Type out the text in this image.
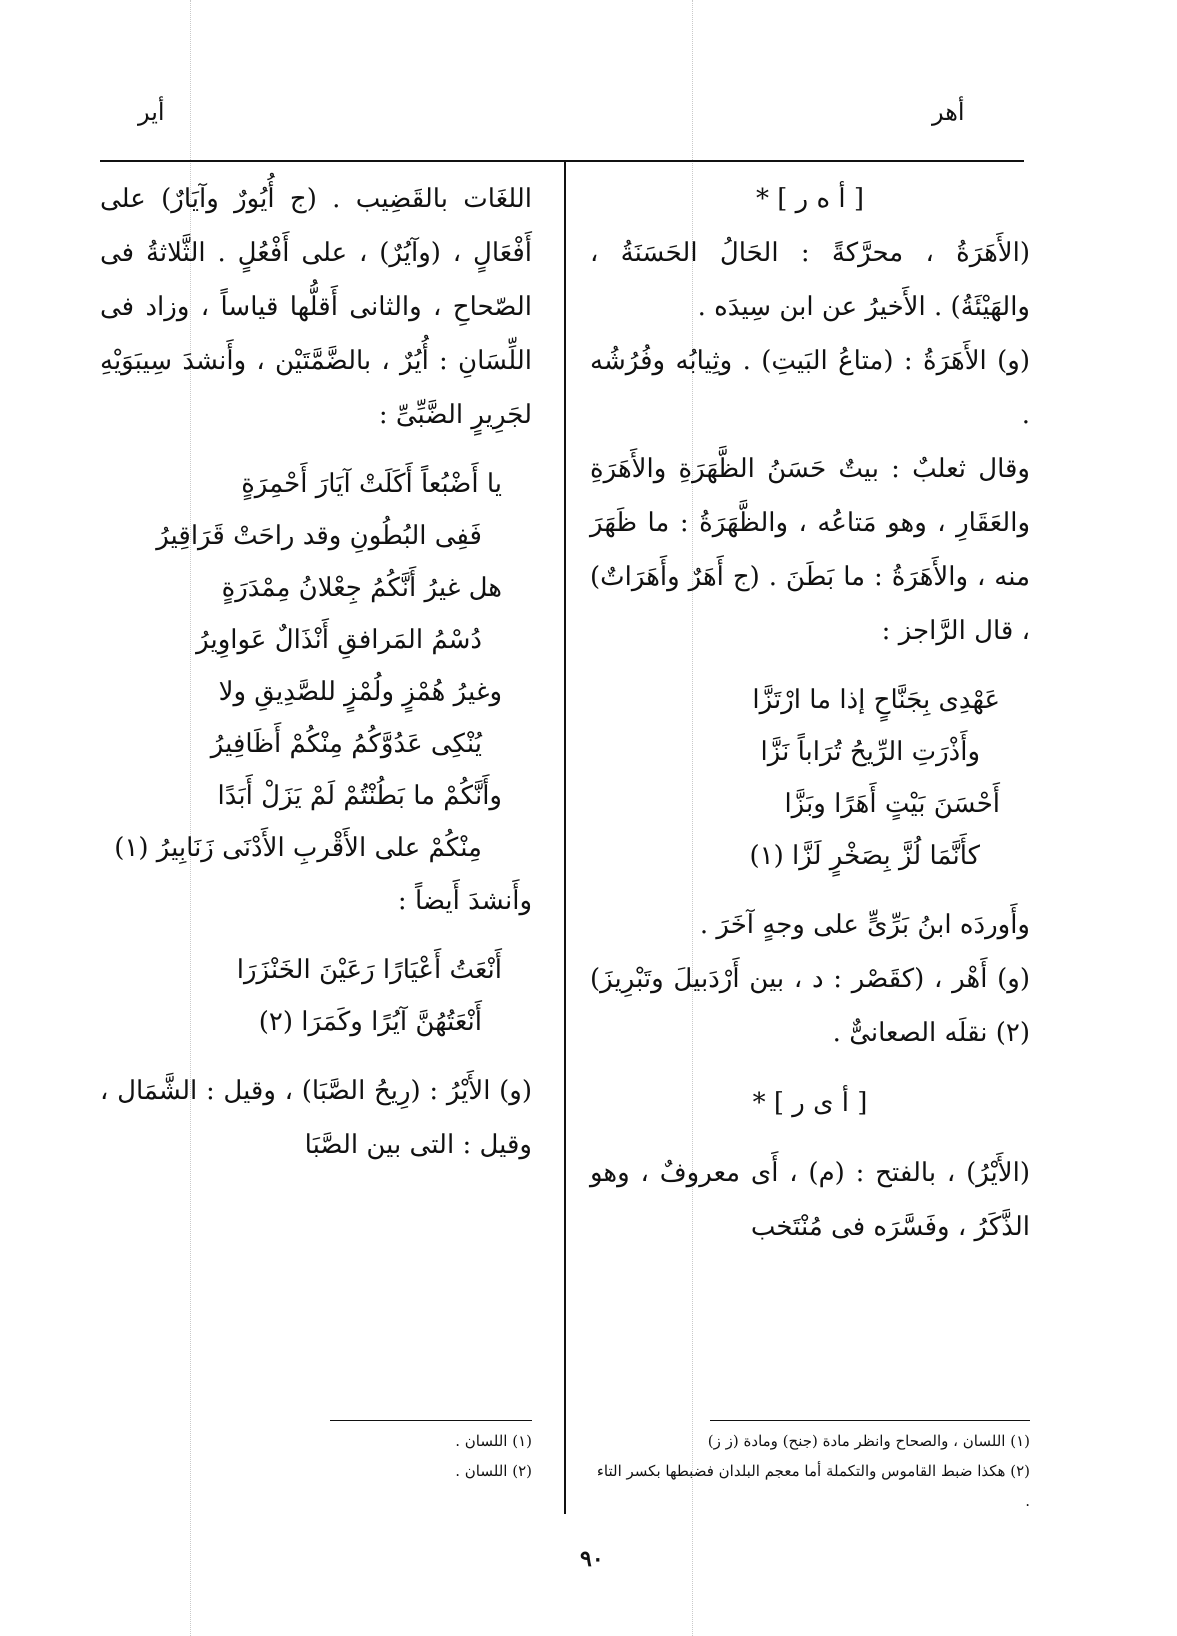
أهر
أير

[ أ ه ر ] *

(الأَهَرَةُ ، محرَّكةً : الحَالُ الحَسَنَةُ ، والهَيْئَةُ) . الأَخيرُ عن ابن سِيدَه .

(و) الأَهَرَةُ : (متاعُ البَيتِ) . وثِيابُه وفُرُشُه .

وقال ثعلبٌ : بيتٌ حَسَنُ الظَّهَرَةِ والأَهَرَةِ والعَقَارِ ، وهو مَتاعُه ، والظَّهَرَةُ : ما ظَهَرَ منه ، والأَهَرَةُ : ما بَطَنَ . (ج أَهَرٌ وأَهَرَاتٌ) ، قال الرَّاجز :

عَهْدِى بِجَنَّاحٍ إذا ما ارْتَزَّا

وأَذْرَتِ الرِّيحُ تُرَاباً نَزَّا

أَحْسَنَ بَيْتٍ أَهَرًا وبَزَّا

كأَنَّمَا لُزَّ بِصَخْرٍ لَزَّا (١)

وأَوردَه ابنُ بَرِّىٍّ على وجهٍ آخَرَ .

(و) أَهْر ، (كقَصْر : د ، بين أَرْدَبيلَ وتَبْرِيزَ)(٢) نقلَه الصعانىٌّ .

[ أ ى ر ] *

(الأَيْرُ) ، بالفتح : (م) ، أَى معروفٌ ، وهو الذَّكَرُ ، وفَسَّرَه فى مُنْتَخب

اللغَات بالقَضِيب . (ج أُيُورٌ وآيَارٌ) على أَفْعَالٍ ، (وآيُرٌ) ، على أَفْعُلٍ . الثَّلاثةُ فى الصّحاحِ ، والثانى أَقلُّها قياساً ، وزاد فى اللِّسَانِ : أُيُرٌ ، بالضَّمَّتَيْن ، وأَنشدَ سِيبَوَيْهِ لجَرِيرٍ الضَّبِّىِّ :

يا أَضْبُعاً أَكَلَتْ آيَارَ أَحْمِرَةٍ

فَفِى البُطُونِ وقد راحَتْ قَرَاقِيرُ

هل غيرُ أَنَّكُمُ جِعْلانُ مِمْدَرَةٍ

دُسْمُ المَرافقِ أَنْذَالٌ عَواوِيرُ

وغيرُ هُمْزٍ ولُمْزٍ للصَّدِيقِ ولا

يُنْكِى عَدُوَّكُمُ مِنْكُمْ أَظَافِيرُ

وأَنَّكُمْ ما بَطُنْتُمْ لَمْ يَزَلْ أَبَدًا

مِنْكُمْ على الأَقْربِ الأَدْنَى زَنَابِيرُ (١)

وأَنشدَ أَيضاً :

أَنْعَتُ أَعْيَارًا رَعَيْنَ الخَنْزَرَا

أَنْعَتُهُنَّ آيُرًا وكَمَرَا (٢)

(و) الأَيْرُ : (رِيحُ الصَّبَا) ، وقيل : الشَّمَال ، وقيل : التى بين الصَّبَا

(١) اللسان ، والصحاح وانظر مادة (جنح) ومادة (ز ز)

(٢) هكذا ضبط القاموس والتكملة أما معجم البلدان فضبطها بكسر التاء .

(١) اللسان .

(٢) اللسان .

٩٠
